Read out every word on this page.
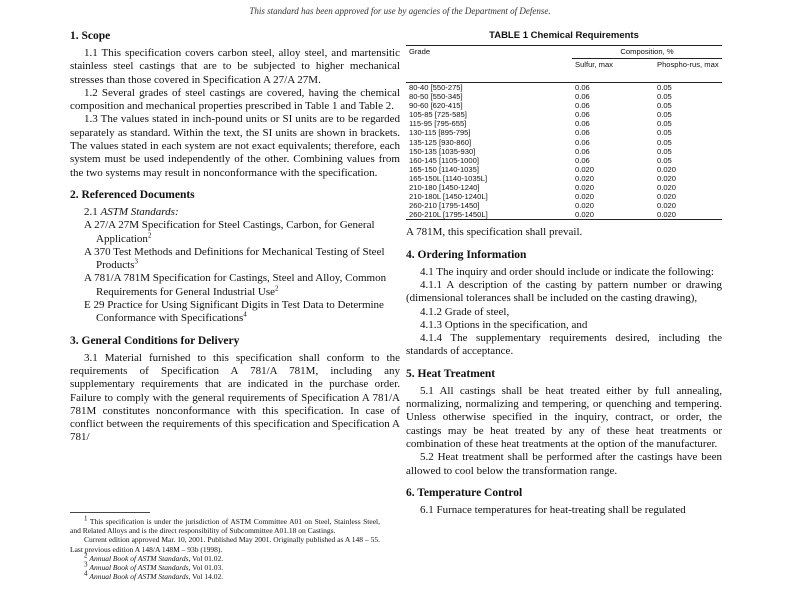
This standard has been approved for use by agencies of the Department of Defense.
1. Scope

1.1 This specification covers carbon steel, alloy steel, and martensitic stainless steel castings that are to be subjected to higher mechanical stresses than those covered in Specification A 27/A 27M.

1.2 Several grades of steel castings are covered, having the chemical composition and mechanical properties prescribed in Table 1 and Table 2.

1.3 The values stated in inch-pound units or SI units are to be regarded separately as standard. Within the text, the SI units are shown in brackets. The values stated in each system are not exact equivalents; therefore, each system must be used independently of the other. Combining values from the two systems may result in nonconformance with the specification.

2. Referenced Documents
2.1 ASTM Standards:
A 27/A 27M Specification for Steel Castings, Carbon, for General Application$^2$
A 370 Test Methods and Definitions for Mechanical Testing of Steel Products$^3$
A 781/A 781M Specification for Castings, Steel and Alloy, Common Requirements for General Industrial Use$^2$
E 29 Practice for Using Significant Digits in Test Data to Determine Conformance with Specifications$^4$
3. General Conditions for Delivery

3.1 Material furnished to this specification shall conform to the requirements of Specification A 781/A 781M, including any supplementary requirements that are indicated in the purchase order. Failure to comply with the general requirements of Specification A 781/A 781M constitutes nonconformance with this specification. In case of conflict between the requirements of this specification and Specification A 781/

$^1$ This specification is under the jurisdiction of ASTM Committee A01 on Steel, Stainless Steel, and Related Alloys and is the direct responsibility of Subcommittee A01.18 on Castings.

Current edition approved Mar. 10, 2001. Published May 2001. Originally published as A 148 – 55. Last previous edition A 148/A 148M – 93b (1998).

$^2$ Annual Book of ASTM Standards, Vol 01.02.

$^3$ Annual Book of ASTM Standards, Vol 01.03.

$^4$ Annual Book of ASTM Standards, Vol 14.02.

TABLE 1 Chemical Requirements
Grade	Composition, %	
	Sulfur, max	Phospho-rus, max
80-40 [550-275]	0.06	0.05
80-50 [550-345]	0.06	0.05
90-60 [620-415]	0.06	0.05
105-85 [725-585]	0.06	0.05
115-95 [795-655]	0.06	0.05
130-115 [895-795]	0.06	0.05
135-125 [930-860]	0.06	0.05
150-135 [1035-930]	0.06	0.05
160-145 [1105-1000]	0.06	0.05
165-150 [1140-1035]	0.020	0.020
165-150L [1140-1035L]	0.020	0.020
210-180 [1450-1240]	0.020	0.020
210-180L [1450-1240L]	0.020	0.020
260-210 [1795-1450]	0.020	0.020
260-210L [1795-1450L]	0.020	0.020

A 781M, this specification shall prevail.

4. Ordering Information

4.1 The inquiry and order should include or indicate the following:

4.1.1 A description of the casting by pattern number or drawing (dimensional tolerances shall be included on the casting drawing),

4.1.2 Grade of steel,

4.1.3 Options in the specification, and

4.1.4 The supplementary requirements desired, including the standards of acceptance.

5. Heat Treatment

5.1 All castings shall be heat treated either by full annealing, normalizing, normalizing and tempering, or quenching and tempering. Unless otherwise specified in the inquiry, contract, or order, the castings may be heat treated by any of these heat treatments or combination of these heat treatments at the option of the manufacturer.

5.2 Heat treatment shall be performed after the castings have been allowed to cool below the transformation range.

6. Temperature Control

6.1 Furnace temperatures for heat-treating shall be regulated
